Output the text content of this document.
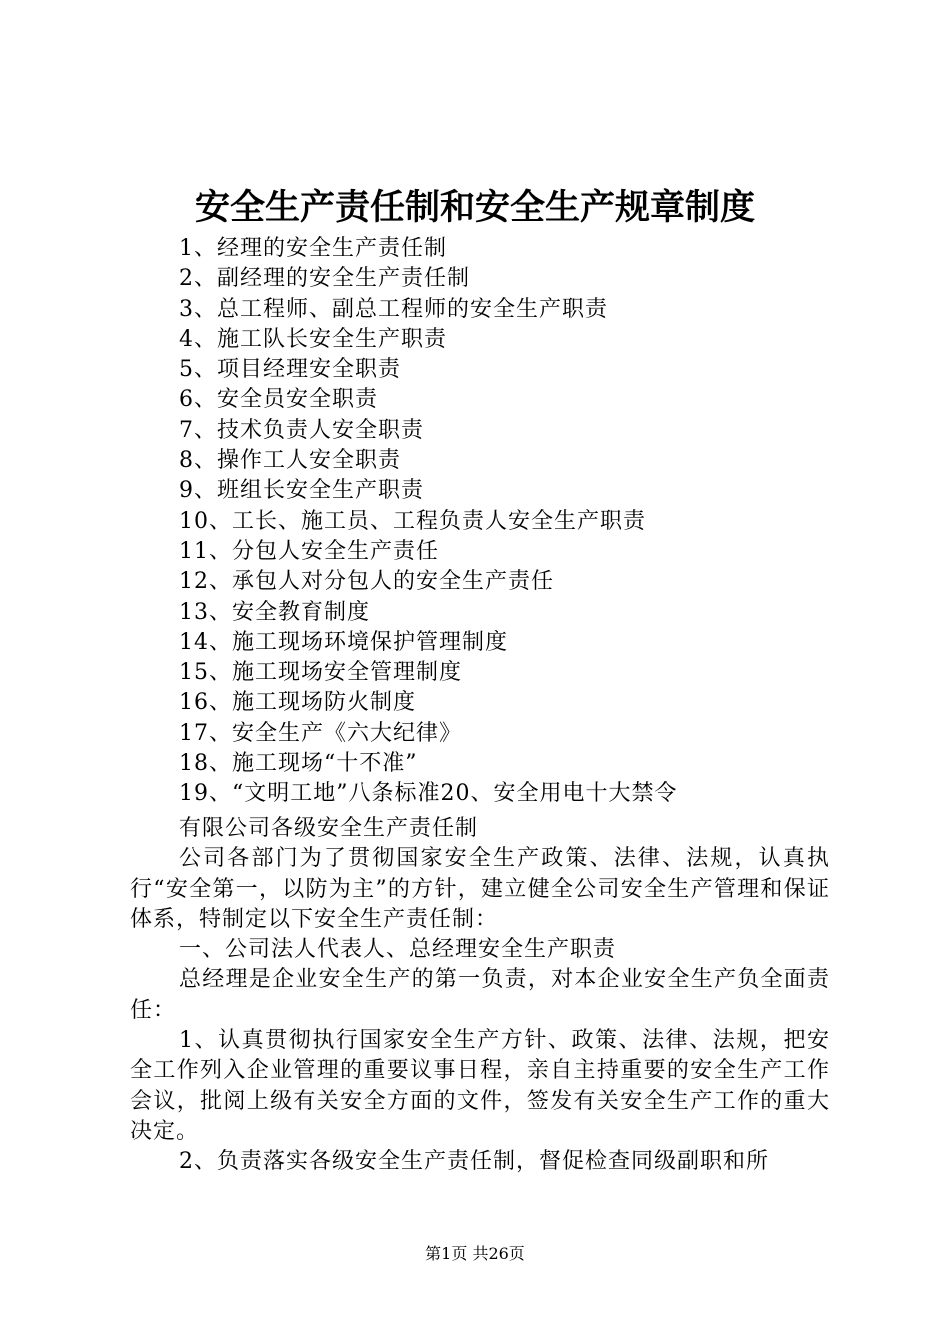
安全生产责任制和安全生产规章制度
1、经理的安全生产责任制
2、副经理的安全生产责任制
3、总工程师、副总工程师的安全生产职责
4、施工队长安全生产职责
5、项目经理安全职责
6、安全员安全职责
7、技术负责人安全职责
8、操作工人安全职责
9、班组长安全生产职责
10、工长、施工员、工程负责人安全生产职责
11、分包人安全生产责任
12、承包人对分包人的安全生产责任
13、安全教育制度
14、施工现场环境保护管理制度
15、施工现场安全管理制度
16、施工现场防火制度
17、安全生产《六大纪律》
18、施工现场“十不准”
19、“文明工地”八条标准20、安全用电十大禁令

有限公司各级安全生产责任制

公司各部门为了贯彻国家安全生产政策、法律、法规，认真执行“安全第一，以防为主”的方针，建立健全公司安全生产管理和保证体系，特制定以下安全生产责任制：

一、公司法人代表人、总经理安全生产职责

总经理是企业安全生产的第一负责，对本企业安全生产负全面责任：

1、认真贯彻执行国家安全生产方针、政策、法律、法规，把安全工作列入企业管理的重要议事日程，亲自主持重要的安全生产工作会议，批阅上级有关安全方面的文件，签发有关安全生产工作的重大决定。

2、负责落实各级安全生产责任制，督促检查同级副职和所

第1页 共26页
